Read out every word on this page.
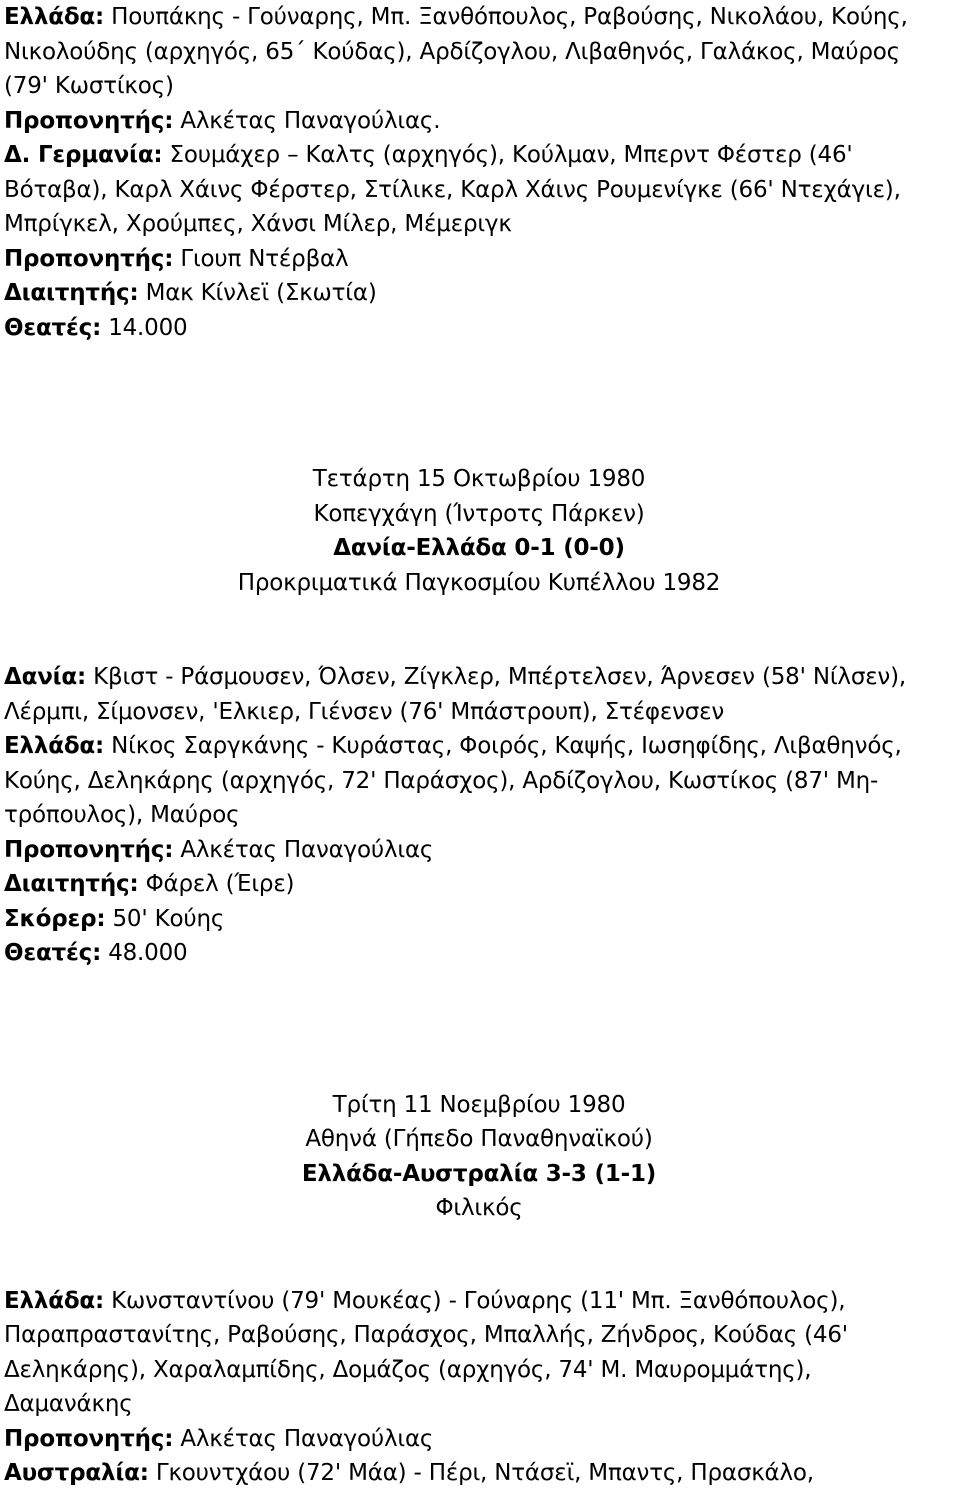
Ελλάδα: Πουπάκης - Γούναρης, Μπ. Ξανθόπουλος, Ραβούσης, Νικολάου, Κούης,
Νικολούδης (αρχηγός, 65΄ Κούδας), Αρδίζογλου, Λιβαθηνός, Γαλάκος, Μαύρος
(79' Κωστίκος)
Προπονητής: Αλκέτας Παναγούλιας.
Δ. Γερμανία: Σουμάχερ – Καλτς (αρχηγός), Κούλμαν, Μπερντ Φέστερ (46'
Βόταβα), Καρλ Χάινς Φέρστερ, Στίλικε, Καρλ Χάινς Ρουμενίγκε (66' Ντεχάγιε),
Μπρίγκελ, Χρούμπες, Χάνσι Μίλερ, Μέμεριγκ
Προπονητής: Γιουπ Ντέρβαλ
Διαιτητής: Μακ Κίνλεϊ (Σκωτία)
Θεατές: 14.000
Τετάρτη 15 Οκτωβρίου 1980
Κοπεγχάγη (Ίντροτς Πάρκεν)
Δανία-Ελλάδα 0-1 (0-0)
Προκριματικά Παγκοσμίου Κυπέλλου 1982
Δανία: Κβιστ - Ράσμουσεν, Όλσεν, Ζίγκλερ, Μπέρτελσεν, Άρνεσεν (58' Νίλσεν),
Λέρμπι, Σίμονσεν, 'Ελκιερ, Γιένσεν (76' Μπάστρουπ), Στέφενσεν
Ελλάδα: Νίκος Σαργκάνης - Κυράστας, Φοιρός, Καψής, Ιωσηφίδης, Λιβαθηνός,
Κούης, Δεληκάρης (αρχηγός, 72' Παράσχος), Αρδίζογλου, Κωστίκος (87' Μη-
τρόπουλος), Μαύρος
Προπονητής: Αλκέτας Παναγούλιας
Διαιτητής: Φάρελ (Έιρε)
Σκόρερ: 50' Κούης
Θεατές: 48.000
Τρίτη 11 Νοεμβρίου 1980
Αθηνά (Γήπεδο Παναθηναϊκού)
Ελλάδα-Αυστραλία 3-3 (1-1)
Φιλικός
Ελλάδα: Κωνσταντίνου (79' Μουκέας) - Γούναρης (11' Μπ. Ξανθόπουλος),
Παραπραστανίτης, Ραβούσης, Παράσχος, Μπαλλής, Ζήνδρος, Κούδας (46'
Δεληκάρης), Χαραλαμπίδης, Δομάζος (αρχηγός, 74' Μ. Μαυρομμάτης),
Δαμανάκης
Προπονητής: Αλκέτας Παναγούλιας
Αυστραλία: Γκουντχάου (72' Μάα) - Πέρι, Ντάσεϊ, Μπαντς, Πρασκάλο,
